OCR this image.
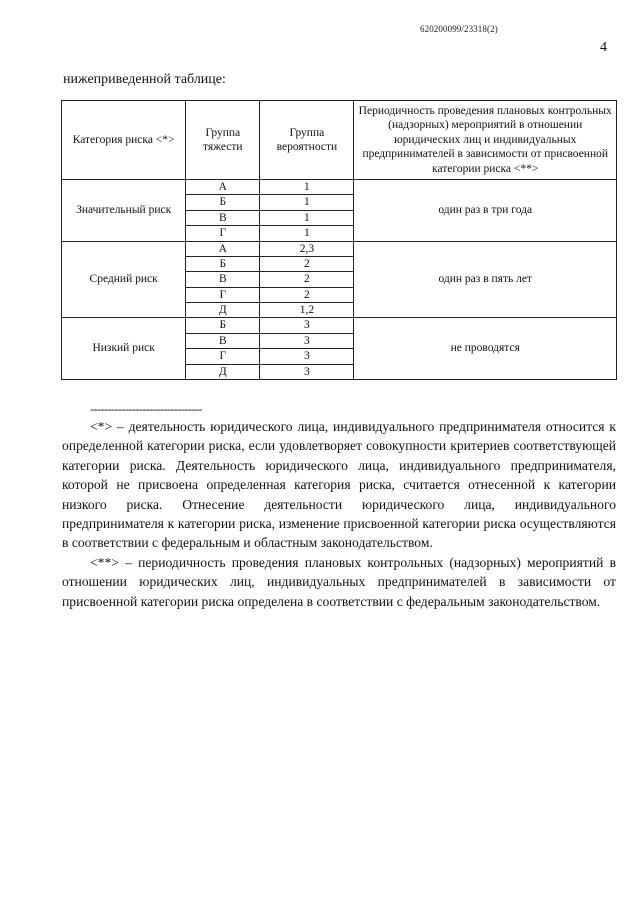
620200099/23318(2)
4
нижеприведенной таблице:
Категория риска <*>	Группа тяжести	Группа вероятности	Периодичность проведения плановых контрольных (надзорных) мероприятий в отношении юридических лиц и индивидуальных предпринимателей в зависимости от присвоенной категории риска <**>
Значительный риск	А	1	один раз в три года
	Б	1	
	В	1	
	Г	1	
Средний риск	А	2,3	один раз в пять лет
	Б	2	
	В	2	
	Г	2	
	Д	1,2	
Низкий риск	Б	3	не проводятся
	В	3	
	Г	3	
	Д	3	
--------------------------------

<*> – деятельность юридического лица, индивидуального предпринимателя относится к определенной категории риска, если удовлетворяет совокупности критериев соответствующей категории риска. Деятельность юридического лица, индивидуального предпринимателя, которой не присвоена определенная категория риска, считается отнесенной к категории низкого риска. Отнесение деятельности юридического лица, индивидуального предпринимателя к категории риска, изменение присвоенной категории риска осуществляются в соответствии с федеральным и областным законодательством.

<**> – периодичность проведения плановых контрольных (надзорных) мероприятий в отношении юридических лиц, индивидуальных предпринимателей в зависимости от присвоенной категории риска определена в соответствии с федеральным законодательством.
